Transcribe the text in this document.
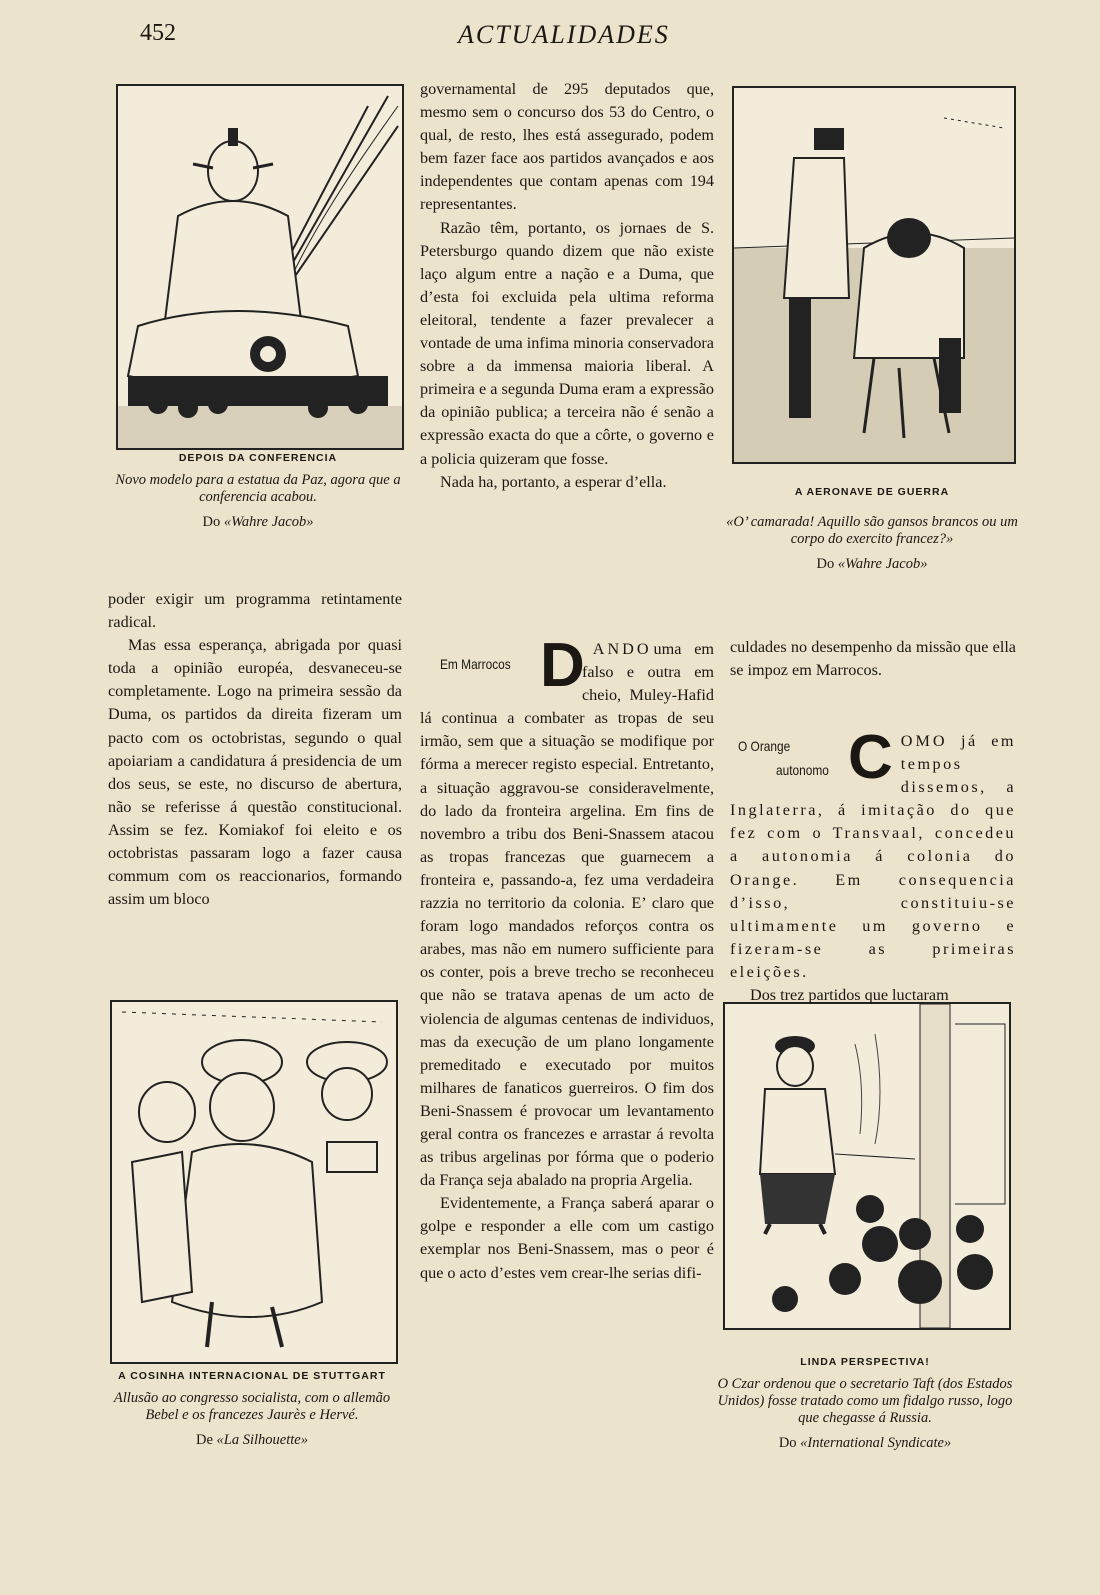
452	ACTUALIDADES
DEPOIS DA CONFERENCIA
Novo modelo para a estatua da Paz, agora que a conferencia acabou.
Do «Wahre Jacob»
A AERONAVE DE GUERRA
«O’ camarada! Aquillo são gansos brancos ou um corpo do exercito francez?»
Do «Wahre Jacob»
A COSINHA INTERNACIONAL DE STUTTGART
Allusão ao congresso socialista, com o allemão Bebel e os francezes Jaurès e Hervé.
De «La Silhouette»
LINDA PERSPECTIVA!
O Czar ordenou que o secretario Taft (dos Estados Unidos) fosse tratado como um fidalgo russo, logo que chegasse á Russia.
Do «International Syndicate»

poder exigir um programma retintamente radical.

Mas essa esperança, abrigada por quasi toda a opinião européa, desvaneceu-se completamente. Logo na primeira sessão da Duma, os partidos da direita fizeram um pacto com os octobristas, segundo o qual apoiariam a candidatura á presidencia de um dos seus, se este, no discurso de abertura, não se referisse á questão constitucional. Assim se fez. Komiakof foi eleito e os octobristas passaram logo a fazer causa commum com os reaccionarios, formando assim um bloco

governamental de 295 deputados que, mesmo sem o concurso dos 53 do Centro, o qual, de resto, lhes está assegurado, podem bem fazer face aos partidos avançados e aos independentes que contam apenas com 194 representantes.

Razão têm, portanto, os jornaes de S. Petersburgo quando dizem que não existe laço algum entre a nação e a Duma, que d’esta foi excluida pela ultima reforma eleitoral, tendente a fazer prevalecer a vontade de uma infima minoria conservadora sobre a da immensa maioria liberal. A primeira e a segunda Duma eram a expressão da opinião publica; a terceira não é senão a expressão exacta do que a côrte, o governo e a policia quizeram que fosse.

Nada ha, portanto, a esperar d’ella.

Em Marrocos DANDO

uma em falso e outra em cheio, Muley-Hafid lá continua a combater as tropas de seu irmão, sem que a situação se modifique por fórma a merecer registo especial. Entretanto, a situação aggravou-se consideravelmente, do lado da fronteira argelina. Em fins de novembro a tribu dos Beni-Snassem atacou as tropas francezas que guarnecem a fronteira e, passando-a, fez uma verdadeira razzia no territorio da colonia. E’ claro que foram logo mandados reforços contra os arabes, mas não em numero sufficiente para os conter, pois a breve trecho se reconheceu que não se tratava apenas de um acto de violencia de algumas centenas de individuos, mas da execução de um plano longamente premeditado e executado por muitos milhares de fanaticos guerreiros. O fim dos Beni-Snassem é provocar um levantamento geral contra os francezes e arrastar á revolta as tribus argelinas por fórma que o poderio da França seja abalado na propria Argelia.

Evidentemente, a França saberá aparar o golpe e responder a elle com um castigo exemplar nos Beni-Snassem, mas o peor é que o acto d’estes vem crear-lhe serias difi-

culdades no desempenho da missão que ella se impoz em Marrocos.

O Orange
autonomo COMO já em tempos dissemos, a Inglaterra, á imitação do que fez com o Transvaal, concedeu a autonomia á colonia do Orange. Em consequencia d’isso, constituiu-se ultimamente um governo e fizeram-se as primeiras eleições.

Dos trez partidos que luctaram
